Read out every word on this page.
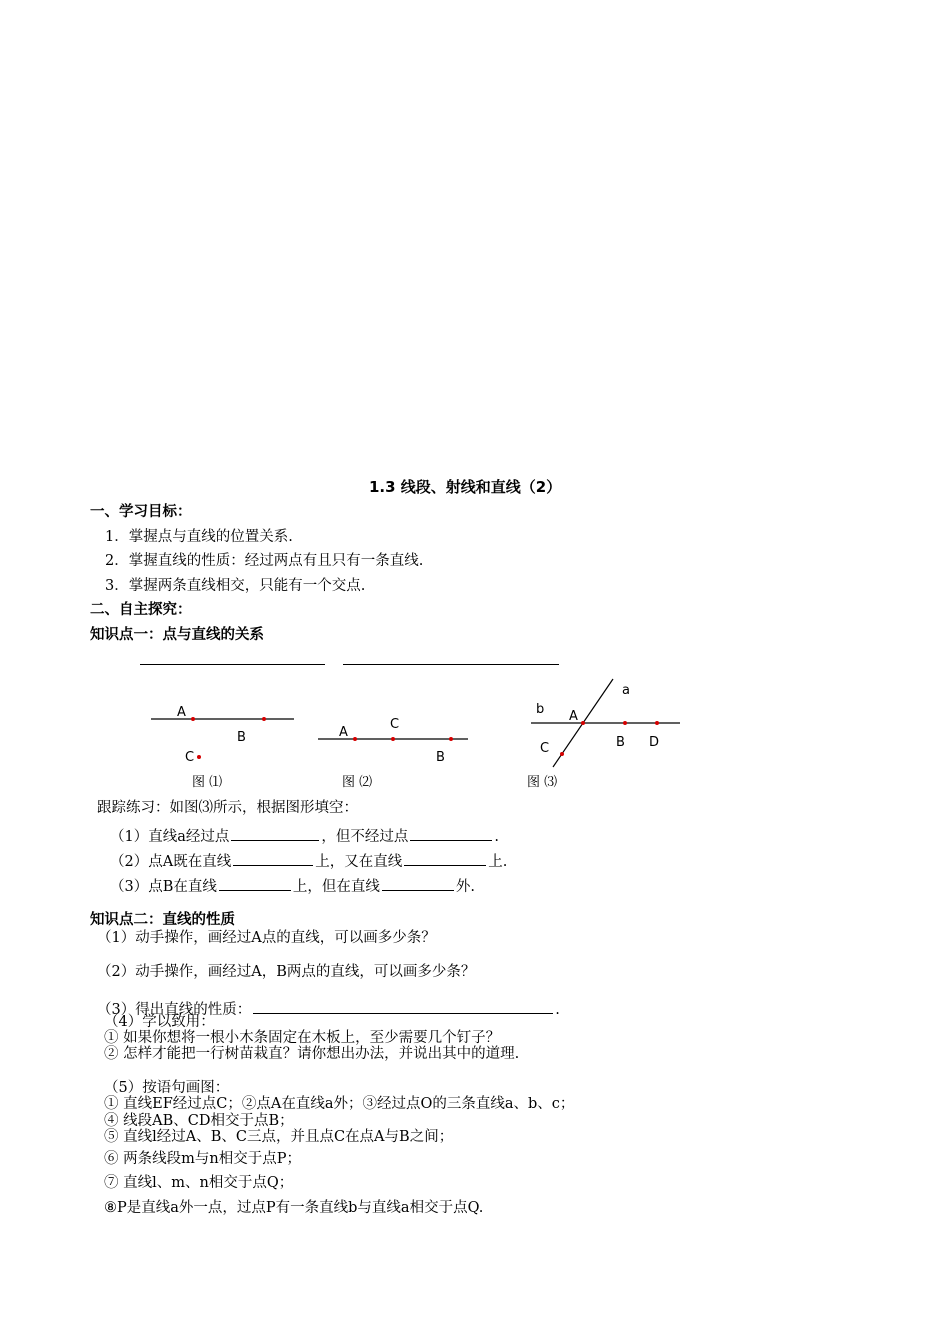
1.3 线段、射线和直线（2）
一、学习目标：
1．掌握点与直线的位置关系.
2．掌握直线的性质：经过两点有且只有一条直线.
3．掌握两条直线相交，只能有一个交点.
二、自主探究：
知识点一：点与直线的关系
A
B
C
图 ⑴
A
C
B
图 ⑵
a
b A
C	B D
图 ⑶
跟踪练习：如图⑶所示，根据图形填空：
（1）直线a经过点	，但不经过点	.
（2）点A既在直线	上，又在直线	上.
（3）点B在直线	上，但在直线	外.
知识点二：直线的性质
（1）动手操作，画经过A点的直线，可以画多少条？
（2）动手操作，画经过A，B两点的直线，可以画多少条？
（3）得出直线的性质：	.
（4）学以致用：
① 如果你想将一根小木条固定在木板上，至少需要几个钉子？
② 怎样才能把一行树苗栽直？请你想出办法，并说出其中的道理.
（5）按语句画图：
① 直线EF经过点C；②点A在直线a外；③经过点O的三条直线a、b、c；
④ 线段AB、CD相交于点B；
⑤ 直线l经过A、B、C三点，并且点C在点A与B之间；
⑥ 两条线段m与n相交于点P；
⑦ 直线l、m、n相交于点Q；
⑧P是直线a外一点，过点P有一条直线b与直线a相交于点Q.
